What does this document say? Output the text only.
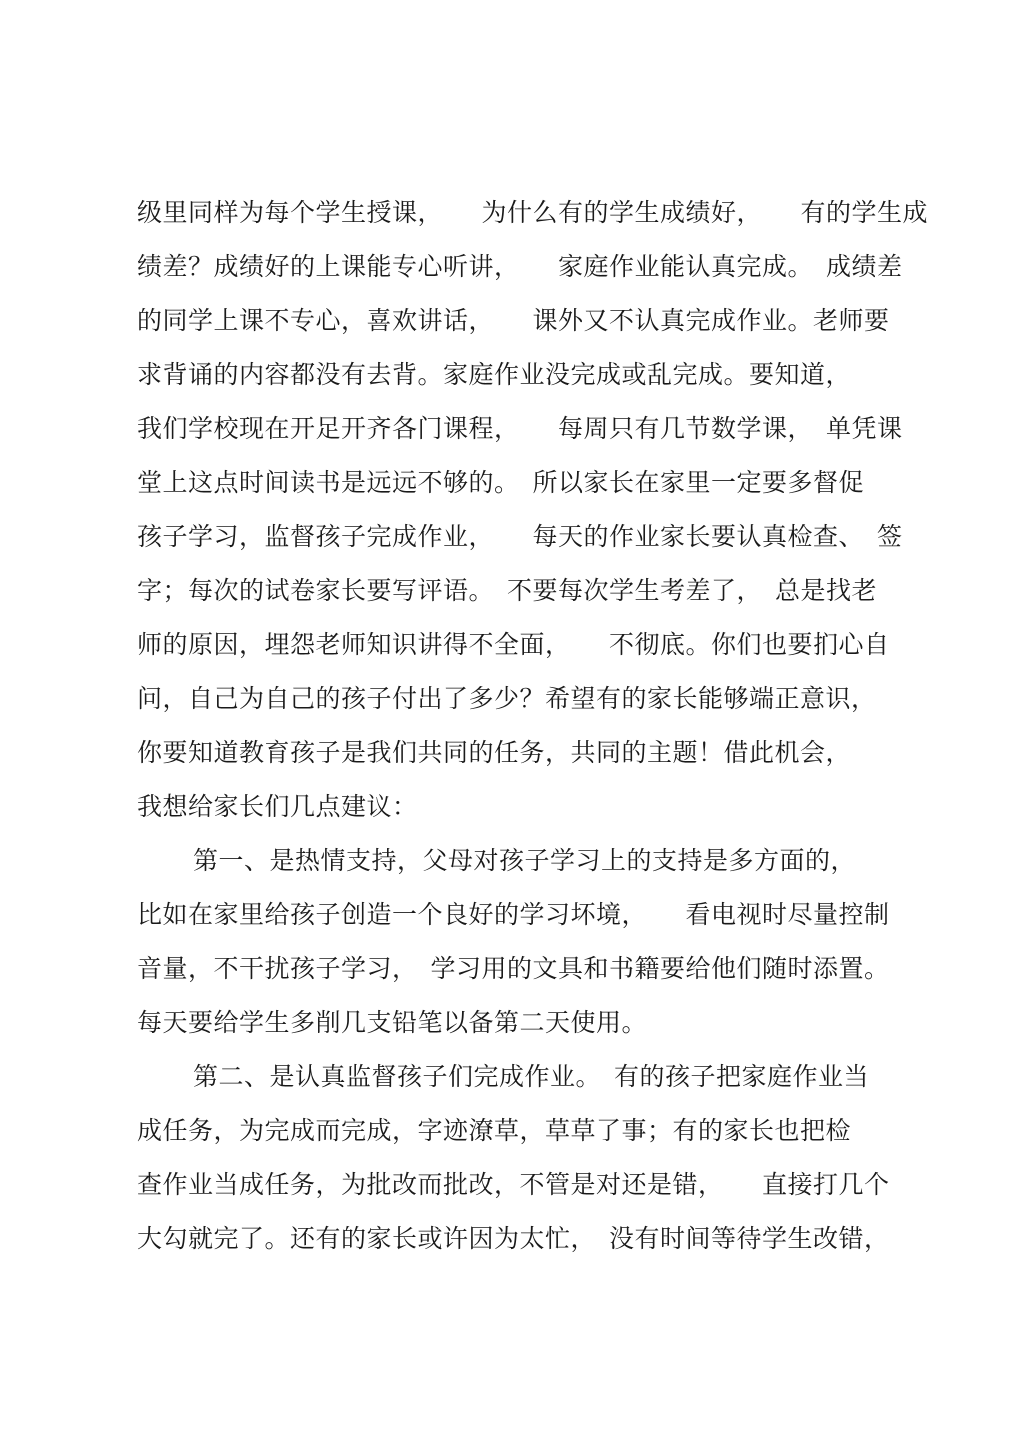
级里同样为每个学生授课，　　为什么有的学生成绩好，　　有的学生成
绩差？成绩好的上课能专心听讲，　　家庭作业能认真完成。　成绩差
的同学上课不专心，喜欢讲话，　　课外又不认真完成作业。老师要
求背诵的内容都没有去背。家庭作业没完成或乱完成。要知道，
我们学校现在开足开齐各门课程，　　每周只有几节数学课，　单凭课
堂上这点时间读书是远远不够的。　所以家长在家里一定要多督促
孩子学习，监督孩子完成作业，　　每天的作业家长要认真检查、　签
字；每次的试卷家长要写评语。　不要每次学生考差了，　总是找老
师的原因，埋怨老师知识讲得不全面，　　不彻底。你们也要扪心自
问，自己为自己的孩子付出了多少？希望有的家长能够端正意识，
你要知道教育孩子是我们共同的任务，共同的主题！借此机会，
我想给家长们几点建议：
第一、是热情支持，父母对孩子学习上的支持是多方面的，
比如在家里给孩子创造一个良好的学习坏境，　　看电视时尽量控制
音量，不干扰孩子学习，　学习用的文具和书籍要给他们随时添置。
每天要给学生多削几支铅笔以备第二天使用。
第二、是认真监督孩子们完成作业。　有的孩子把家庭作业当
成任务，为完成而完成，字迹潦草，草草了事；有的家长也把检
查作业当成任务，为批改而批改，不管是对还是错，　　直接打几个
大勾就完了。还有的家长或许因为太忙，　没有时间等待学生改错，
